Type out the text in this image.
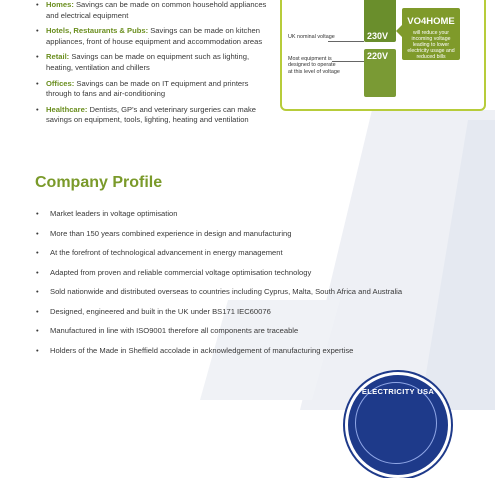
• Homes: Savings can be made on common household appliances and electrical equipment
• Hotels, Restaurants & Pubs: Savings can be made on kitchen appliances, front of house equipment and accommodation areas
• Retail: Savings can be made on equipment such as lighting, heating, ventilation and chillers
• Offices: Savings can be made on IT equipment and printers through to fans and air-conditioning
• Healthcare: Dentists, GP's and veterinary surgeries can make savings on equipment, tools, lighting, heating and ventilation
UK nominal voltage	230V
Most equipment is designed to operate at this level of voltage
220V
VO4HOME
will reduce your incoming voltage leading to lower electricity usage and reduced bills
Company Profile
• Market leaders in voltage optimisation
• More than 150 years combined experience in design and manufacturing
• At the forefront of technological advancement in energy management
• Adapted from proven and reliable commercial voltage optimisation technology
• Sold nationwide and distributed overseas to countries including Cyprus, Malta, South Africa and Australia
• Designed, engineered and built in the UK under BS171 IEC60076
• Manufactured in line with ISO9001 therefore all components are traceable
• Holders of the Made in Sheffield accolade in acknowledgement of manufacturing expertise
ELECTRICITY USA
